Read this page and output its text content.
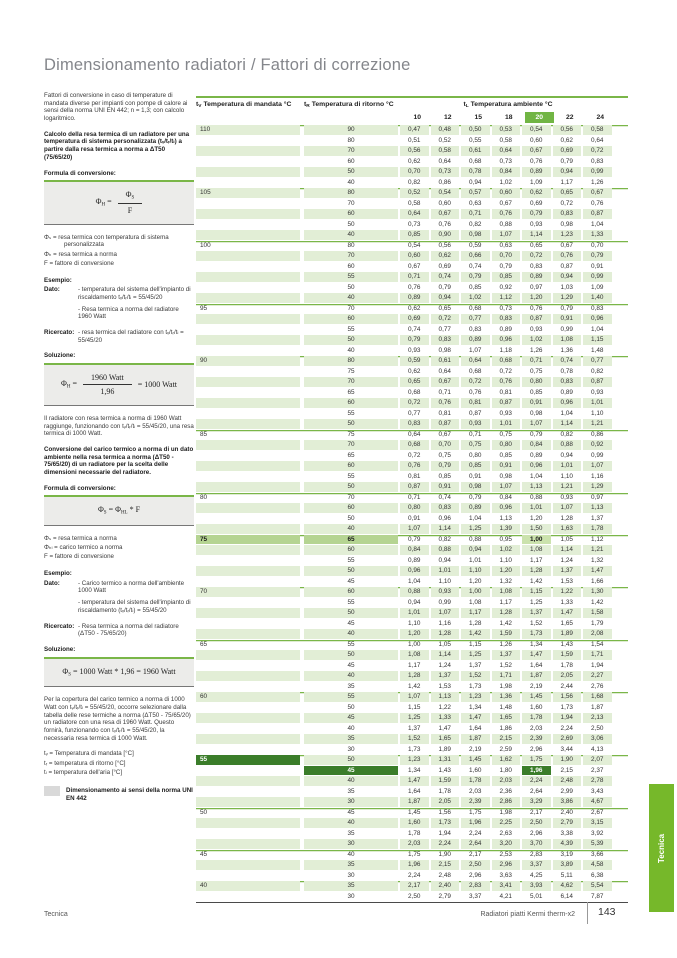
Dimensionamento radiatori / Fattori di correzione

Fattori di conversione in caso di temperature di mandata diverse per impianti con pompe di calore ai sensi della norma UNI EN 442; n = 1,3; con calcolo logaritmico.

Calcolo della resa termica di un radiatore per una temperatura di sistema personalizzata (tᵥ/tᵣ/tₗ) a partire dalla resa termica a norma a ΔT50 (75/65/20)

Formula di conversione:
$\Phi H = \frac{\Phi S}{F}$
Φₛ = resa termica con temperatura di sistema personalizzata
Φₕ = resa termica a norma
F = fattore di conversione
Esempio:
Dato:	- temperatura del sistema dell'impianto di riscaldamento tᵥ/tᵣ/tₗ = 55/45/20
- Resa termica a norma del radiatore 1960 Watt
Ricercato: - resa termica del radiatore con tᵥ/tᵣ/tₗ = 55/45/20
Soluzione:
$\Phi H = \frac{\text{1960 Watt}}{1,96} = 1000$ Watt

Il radiatore con resa termica a norma di 1960 Watt raggiunge, funzionando con tᵥ/tᵣ/tₗ = 55/45/20, una resa termica di 1000 Watt.

Conversione del carico termico a norma di un dato ambiente nella resa termica a norma (ΔT50 - 75/65/20) di un radiatore per la scelta delle dimensioni necessarie del radiatore.

Formula di conversione:
ΦS = ΦHL * F
Φₛ = resa termica a norma
Φₕₗ = carico termico a norma
F = fattore di conversione
Esempio:
Dato:	- Carico termico a norma dell'ambiente 1000 Watt
- temperatura del sistema dell'impianto di riscaldamento (tᵥ/tᵣ/tₗ) = 55/45/20
Ricercato: - Resa termica a norma del radiatore (ΔT50 - 75/65/20)
Soluzione:
ΦS = 1000 Watt * 1,96 = 1960 Watt

Per la copertura del carico termico a norma di 1000 Watt con tᵥ/tᵣ/tₗ = 55/45/20, occorre selezionare dalla tabella delle rese termiche a norma (ΔT50 - 75/65/20) un radiatore con una resa di 1960 Watt. Questo fornirà, funzionando con tᵥ/tᵣ/tₗ = 55/45/20, la necessaria resa termica di 1000 Watt.

tᵥ = Temperatura di mandata [°C]
tᵣ = temperatura di ritorno [°C]
tₗ = temperatura dell'aria [°C]
Dimensionamento ai sensi della norma UNI EN 442
tV Temperatura di mandata °C tR Temperatura di ritorno °C	tL Temperatura ambiente °C
10	12	15	18	20	22	24
110	90	0,47	0,48	0,50	0,53	0,54	0,56	0,58
80	0,51	0,52	0,55	0,58	0,60	0,62	0,64
70	0,56	0,58	0,61	0,64	0,67	0,69	0,72
60	0,62	0,64	0,68	0,73	0,76	0,79	0,83
50	0,70	0,73	0,78	0,84	0,89	0,94	0,99
40	0,82	0,86	0,94	1,02	1,09	1,17	1,26
105	80	0,52	0,54	0,57	0,60	0,62	0,65	0,67
70	0,58	0,60	0,63	0,67	0,69	0,72	0,76
60	0,64	0,67	0,71	0,76	0,79	0,83	0,87
50	0,73	0,76	0,82	0,88	0,93	0,98	1,04
40	0,85	0,90	0,98	1,07	1,14	1,23	1,33
100	80	0,54	0,56	0,59	0,63	0,65	0,67	0,70
70	0,60	0,62	0,66	0,70	0,72	0,76	0,79
60	0,67	0,69	0,74	0,79	0,83	0,87	0,91
55	0,71	0,74	0,79	0,85	0,89	0,94	0,99
50	0,76	0,79	0,85	0,92	0,97	1,03	1,09
40	0,89	0,94	1,02	1,12	1,20	1,29	1,40
95	70	0,62	0,65	0,68	0,73	0,76	0,79	0,83
60	0,69	0,72	0,77	0,83	0,87	0,91	0,96
55	0,74	0,77	0,83	0,89	0,93	0,99	1,04
50	0,79	0,83	0,89	0,96	1,02	1,08	1,15
40	0,93	0,98	1,07	1,18	1,26	1,36	1,48
90	80	0,59	0,61	0,64	0,68	0,71	0,74	0,77
75	0,62	0,64	0,68	0,72	0,75	0,78	0,82
70	0,65	0,67	0,72	0,76	0,80	0,83	0,87
65	0,68	0,71	0,76	0,81	0,85	0,89	0,93
60	0,72	0,76	0,81	0,87	0,91	0,96	1,01
55	0,77	0,81	0,87	0,93	0,98	1,04	1,10
50	0,83	0,87	0,93	1,01	1,07	1,14	1,21
85	75	0,64	0,67	0,71	0,75	0,79	0,82	0,86
70	0,68	0,70	0,75	0,80	0,84	0,88	0,92
65	0,72	0,75	0,80	0,85	0,89	0,94	0,99
60	0,76	0,79	0,85	0,91	0,96	1,01	1,07
55	0,81	0,85	0,91	0,98	1,04	1,10	1,16
50	0,87	0,91	0,98	1,07	1,13	1,21	1,29
80	70	0,71	0,74	0,79	0,84	0,88	0,93	0,97
60	0,80	0,83	0,89	0,96	1,01	1,07	1,13
50	0,91	0,96	1,04	1,13	1,20	1,28	1,37
40	1,07	1,14	1,25	1,39	1,50	1,63	1,78
75	65	0,79	0,82	0,88	0,95	1,00	1,05	1,12
60	0,84	0,88	0,94	1,02	1,08	1,14	1,21
55	0,89	0,94	1,01	1,10	1,17	1,24	1,32
50	0,96	1,01	1,10	1,20	1,28	1,37	1,47
45	1,04	1,10	1,20	1,32	1,42	1,53	1,66
70	60	0,88	0,93	1,00	1,08	1,15	1,22	1,30
55	0,94	0,99	1,08	1,17	1,25	1,33	1,42
50	1,01	1,07	1,17	1,28	1,37	1,47	1,58
45	1,10	1,16	1,28	1,42	1,52	1,65	1,79
40	1,20	1,28	1,42	1,59	1,73	1,89	2,08
65	55	1,00	1,05	1,15	1,26	1,34	1,43	1,54
50	1,08	1,14	1,25	1,37	1,47	1,59	1,71
45	1,17	1,24	1,37	1,52	1,64	1,78	1,94
40	1,28	1,37	1,52	1,71	1,87	2,05	2,27
35	1,42	1,53	1,73	1,98	2,19	2,44	2,76
60	55	1,07	1,13	1,23	1,36	1,45	1,56	1,68
50	1,15	1,22	1,34	1,48	1,60	1,73	1,87
45	1,25	1,33	1,47	1,65	1,78	1,94	2,13
40	1,37	1,47	1,64	1,86	2,03	2,24	2,50
35	1,52	1,65	1,87	2,15	2,39	2,69	3,06
30	1,73	1,89	2,19	2,59	2,96	3,44	4,13
55	50	1,23	1,31	1,45	1,62	1,75	1,90	2,07
45	1,34	1,43	1,60	1,80	1,96	2,15	2,37
40	1,47	1,59	1,78	2,03	2,24	2,48	2,78
35	1,64	1,78	2,03	2,36	2,64	2,99	3,43
30	1,87	2,05	2,39	2,86	3,29	3,86	4,67
50	45	1,45	1,56	1,75	1,98	2,17	2,40	2,67
40	1,60	1,73	1,96	2,25	2,50	2,79	3,15
35	1,78	1,94	2,24	2,63	2,96	3,38	3,92
30	2,03	2,24	2,64	3,20	3,70	4,39	5,39
45	40	1,75	1,90	2,17	2,53	2,83	3,19	3,66
35	1,96	2,15	2,50	2,96	3,37	3,89	4,58
30	2,24	2,48	2,96	3,63	4,25	5,11	6,38
40	35	2,17	2,40	2,83	3,41	3,93	4,62	5,54
30	2,50	2,79	3,37	4,21	5,01	6,14	7,87
Tecnica	Radiatori piatti Kermi therm-x2 143
Tecnica
